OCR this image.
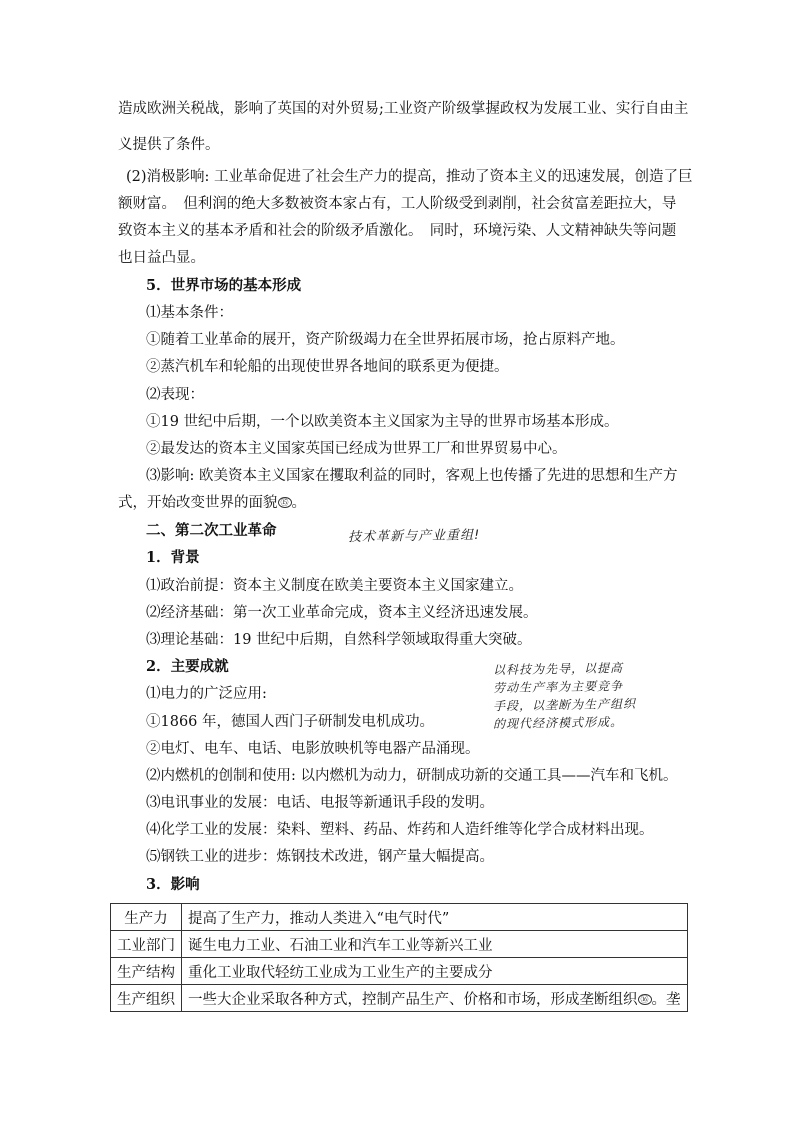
造成欧洲关税战，影响了英国的对外贸易;工业资产阶级掌握政权为发展工业、实行自由主
义提供了条件。
(2)消极影响: 工业革命促进了社会生产力的提高，推动了资本主义的迅速发展，创造了巨
额财富。　但利润的绝大多数被资本家占有，工人阶级受到剥削，社会贫富差距拉大，导
致资本主义的基本矛盾和社会的阶级矛盾激化。　同时，环境污染、人文精神缺失等问题
也日益凸显。
5．世界市场的基本形成
⑴基本条件：
①随着工业革命的展开，资产阶级竭力在全世界拓展市场，抢占原料产地。
②蒸汽机车和轮船的出现使世界各地间的联系更为便捷。
⑵表现：
①19 世纪中后期，一个以欧美资本主义国家为主导的世界市场基本形成。
②最发达的资本主义国家英国已经成为世界工厂和世界贸易中心。
⑶影响: 欧美资本主义国家在攫取利益的同时，客观上也传播了先进的思想和生产方
式，开始改变世界的面貌 ⑮ 。
二、第二次工业革命	技术革新与产业重组!
1．背景
⑴政治前提：资本主义制度在欧美主要资本主义国家建立。
⑵经济基础：第一次工业革命完成，资本主义经济迅速发展。
⑶理论基础：19 世纪中后期，自然科学领域取得重大突破。
2．主要成就
⑴电力的广泛应用:
①1866 年，德国人西门子研制发电机成功。
②电灯、电车、电话、电影放映机等电器产品涌现。
⑵内燃机的创制和使用: 以内燃机为动力，研制成功新的交通工具——汽车和飞机。
⑶电讯事业的发展：电话、电报等新通讯手段的发明。
⑷化学工业的发展：染料、塑料、药品、炸药和人造纤维等化学合成材料出现。
⑸钢铁工业的进步：炼钢技术改进，钢产量大幅提高。
3．影响
以科技为先导，以提高
劳动生产率为主要竞争
手段，以垄断为生产组织
的现代经济模式形成。
生产力	提高了生产力，推动人类进入“电气时代”
工业部门	诞生电力工业、石油工业和汽车工业等新兴工业
生产结构	重化工业取代轻纺工业成为工业生产的主要成分
生产组织	一些大企业采取各种方式，控制产品生产、价格和市场，形成垄断组织 ⑯ 。垄
